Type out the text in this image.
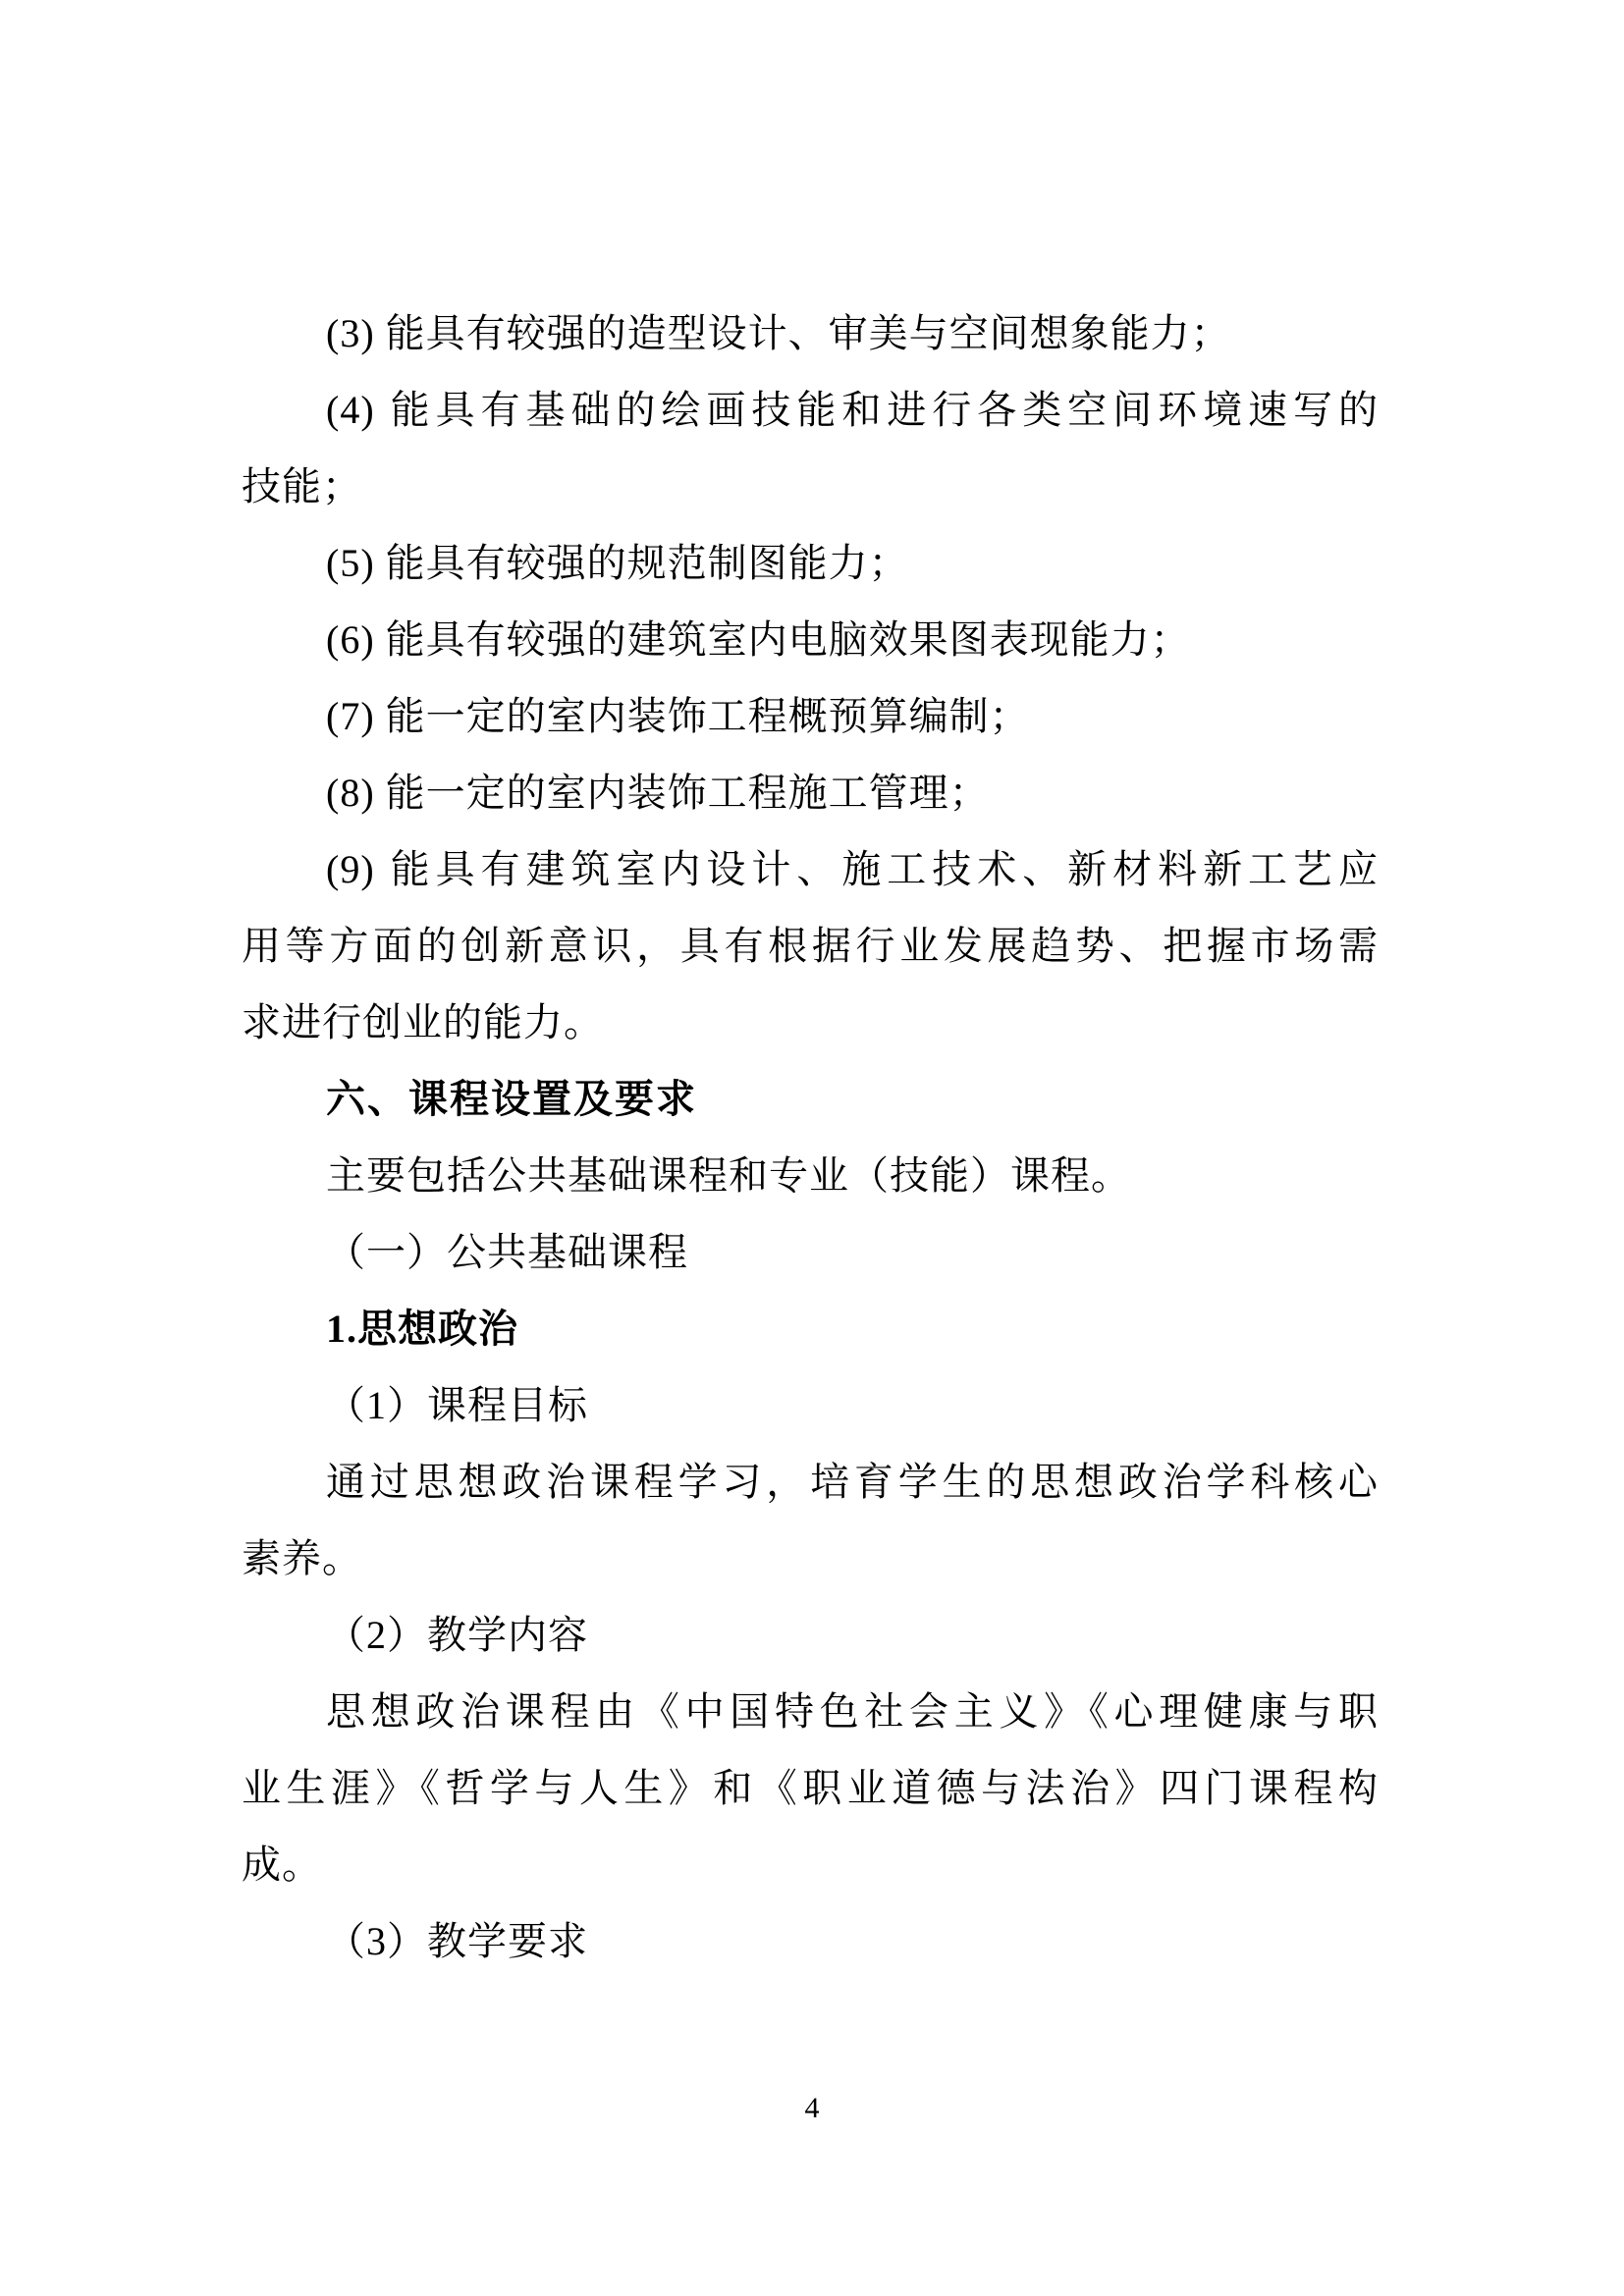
(3) 能具有较强的造型设计、审美与空间想象能力；
(4) 能具有基础的绘画技能和进行各类空间环境速写的
技能；
(5) 能具有较强的规范制图能力；
(6) 能具有较强的建筑室内电脑效果图表现能力；
(7) 能一定的室内装饰工程概预算编制；
(8) 能一定的室内装饰工程施工管理；
(9) 能具有建筑室内设计、施工技术、新材料新工艺应
用等方面的创新意识，具有根据行业发展趋势、把握市场需
求进行创业的能力。
六、课程设置及要求
主要包括公共基础课程和专业（技能）课程。
（一）公共基础课程
1.思想政治
（1）课程目标
通过思想政治课程学习，培育学生的思想政治学科核心
素养。
（2）教学内容
思想政治课程由《中国特色社会主义》《心理健康与职
业生涯》《哲学与人生》和《职业道德与法治》四门课程构
成。
（3）教学要求
4
